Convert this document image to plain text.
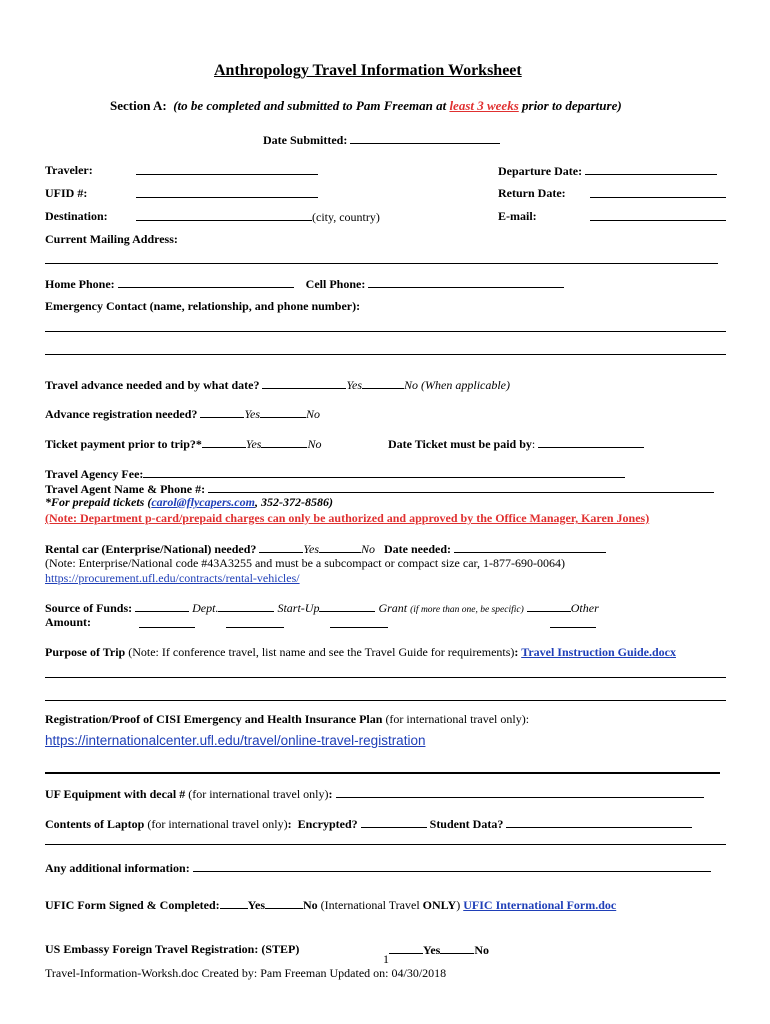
Anthropology Travel Information Worksheet
Section A: (to be completed and submitted to Pam Freeman at least 3 weeks prior to departure)
Date Submitted:
Traveler:	Departure Date:
UFID #:	Return Date:
Destination:	(city, country)	E-mail:
Current Mailing Address:
Home Phone:	Cell Phone:
Emergency Contact (name, relationship, and phone number):
Travel advance needed and by what date?	Yes	No (When applicable)
Advance registration needed?	Yes	No
Ticket payment prior to trip?*	Yes	No	Date Ticket must be paid by:
Travel Agency Fee:
Travel Agent Name & Phone #:
*For prepaid tickets (carol@flycapers.com, 352-372-8586)
(Note: Department p-card/prepaid charges can only be authorized and approved by the Office Manager, Karen Jones)
Rental car (Enterprise/National) needed?	Yes	No Date needed:
(Note: Enterprise/National code #43A3255 and must be a subcompact or compact size car, 1-877-690-0064)
https://procurement.ufl.edu/contracts/rental-vehicles/
Source of Funds:	Dept.	Start-Up	Grant (if more than one, be specific)	Other
Amount:
Purpose of Trip (Note: If conference travel, list name and see the Travel Guide for requirements): Travel Instruction Guide.docx
Registration/Proof of CISI Emergency and Health Insurance Plan (for international travel only):
https://internationalcenter.ufl.edu/travel/online-travel-registration
UF Equipment with decal # (for international travel only):
Contents of Laptop (for international travel only):  Encrypted?	Student Data?
Any additional information:
UFIC Form Signed & Completed: Yes	No (International Travel ONLY) UFIC International Form.doc
US Embassy Foreign Travel Registration: (STEP)
1
Yes	No
Travel-Information-Worksh.doc Created by: Pam Freeman Updated on: 04/30/2018
